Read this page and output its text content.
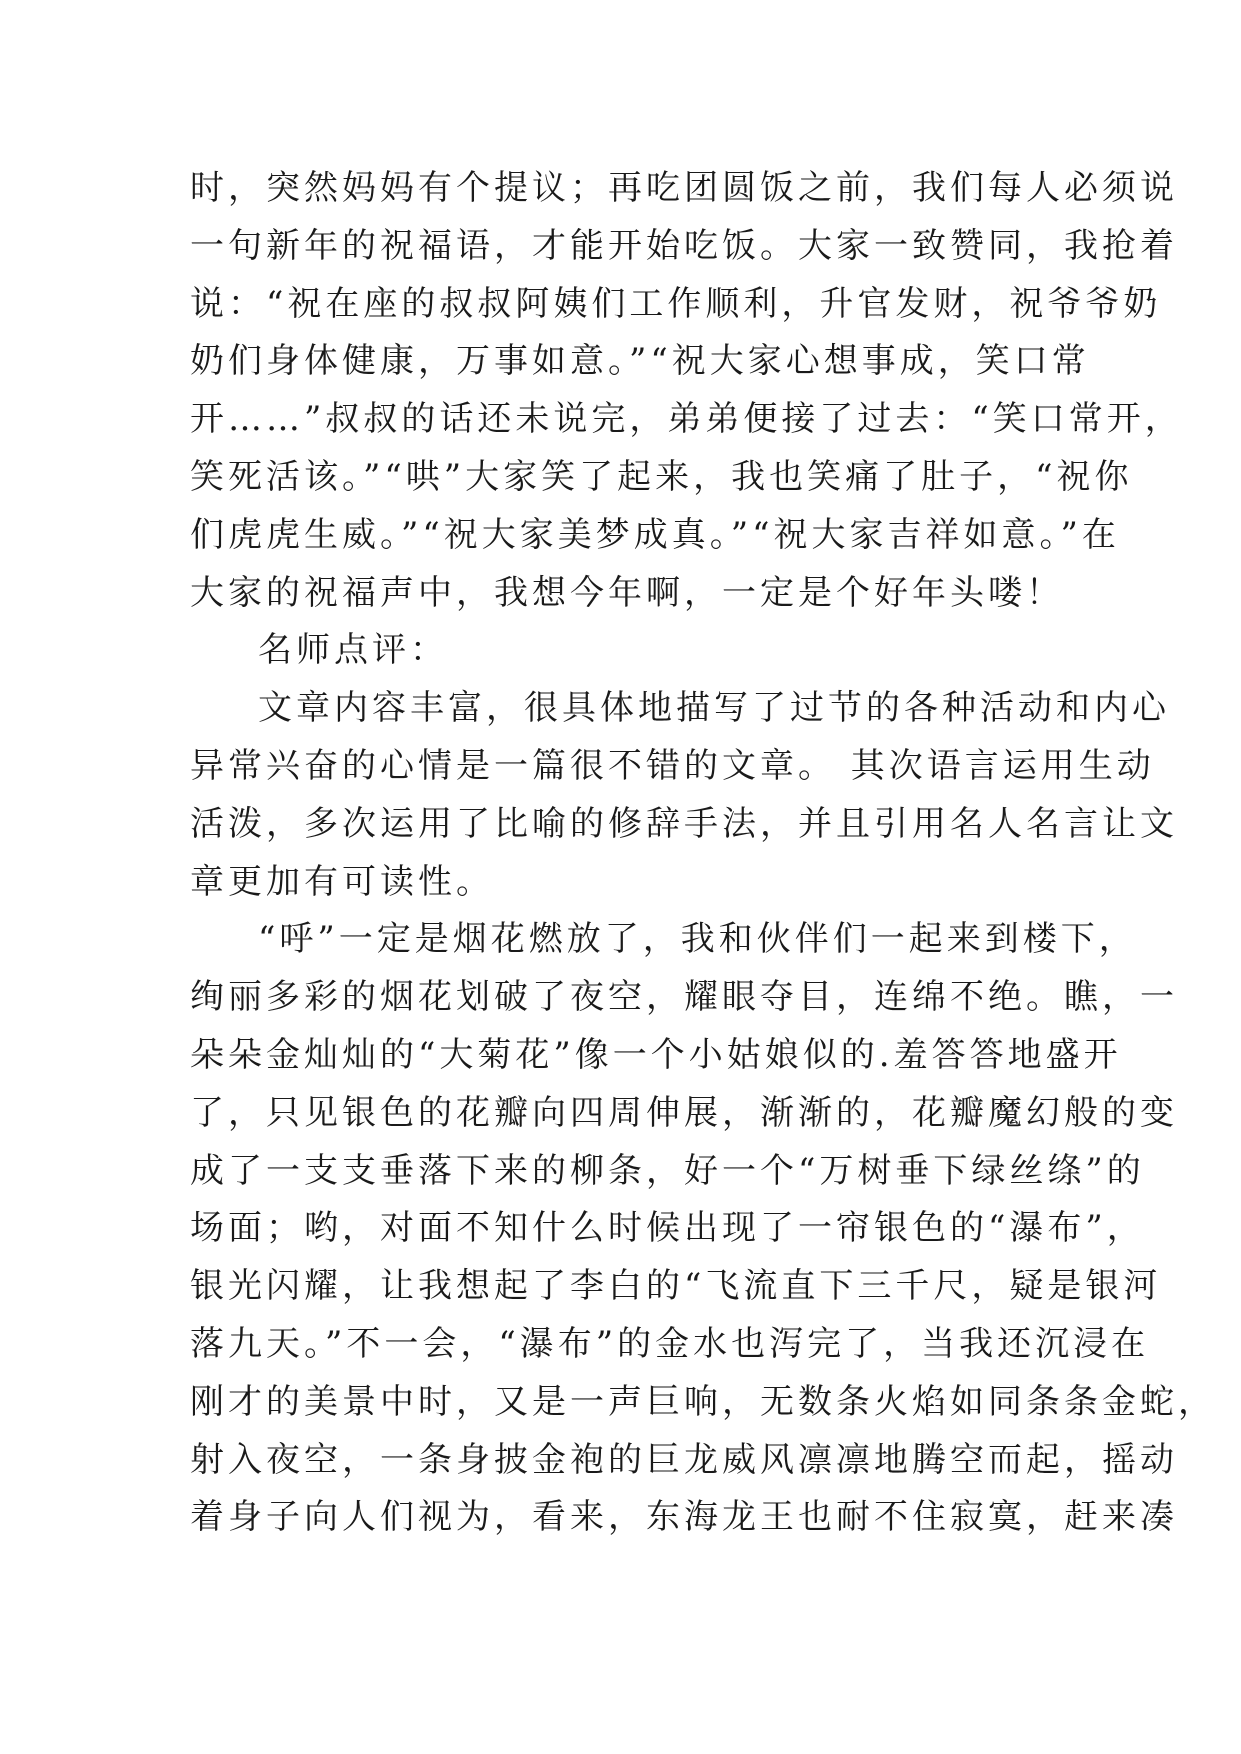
时，突然妈妈有个提议；再吃团圆饭之前，我们每人必须说
一句新年的祝福语，才能开始吃饭。大家一致赞同，我抢着
说：“祝在座的叔叔阿姨们工作顺利，升官发财，祝爷爷奶
奶们身体健康，万事如意。”“祝大家心想事成，笑口常
开……”叔叔的话还未说完，弟弟便接了过去：“笑口常开，
笑死活该。”“哄”大家笑了起来，我也笑痛了肚子，“祝你
们虎虎生威。”“祝大家美梦成真。”“祝大家吉祥如意。”在
大家的祝福声中，我想今年啊，一定是个好年头喽！
名师点评：
文章内容丰富，很具体地描写了过节的各种活动和内心
异常兴奋的心情是一篇很不错的文章。 其次语言运用生动
活泼，多次运用了比喻的修辞手法，并且引用名人名言让文
章更加有可读性。
“呼”一定是烟花燃放了，我和伙伴们一起来到楼下，
绚丽多彩的烟花划破了夜空，耀眼夺目，连绵不绝。瞧，一
朵朵金灿灿的“大菊花”像一个小姑娘似的.羞答答地盛开
了，只见银色的花瓣向四周伸展，渐渐的，花瓣魔幻般的变
成了一支支垂落下来的柳条，好一个“万树垂下绿丝绦”的
场面；哟，对面不知什么时候出现了一帘银色的“瀑布”，
银光闪耀，让我想起了李白的“飞流直下三千尺，疑是银河
落九天。”不一会，“瀑布”的金水也泻完了，当我还沉浸在
刚才的美景中时，又是一声巨响，无数条火焰如同条条金蛇，
射入夜空，一条身披金袍的巨龙威风凛凛地腾空而起，摇动
着身子向人们视为，看来，东海龙王也耐不住寂寞，赶来凑
